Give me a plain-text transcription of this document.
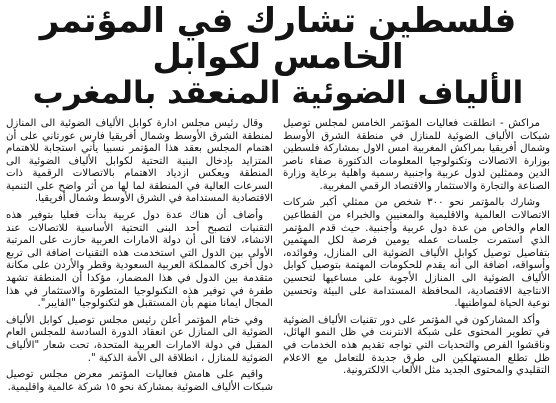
فلسطين تشارك في المؤتمر الخامس لكوابل
الألياف الضوئية المنعقد بالمغرب

مراكش - انطلقت فعاليات المؤتمر الخامس لمجلس توصيل شبكات الألياف الضوئية للمنازل في منطقة الشرق الأوسط وشمال أفريقيا بمراكش المغربية امس الاول بمشاركة فلسطين بوزارة الاتصالات وتكنولوجيا المعلومات الدكتورة صفاء ناصر الدين وممثلين لدول عربية واجنبية رسمية واهلية برعاية وزارة الصناعة والتجارة والاستثمار والاقتصاد الرقمي المغربية.

وشارك بالمؤتمر نحو ٣٠٠ شخص من ممثلي أكبر شركات الاتصالات العالمية والاقليمية والمعنيين والخبراء من القطاعين العام والخاص من عدة دول عربية وأجنبية. حيث قدم المؤتمر الذي استمرت جلسات عمله يومين فرصة لكل المهتمين بتفاصيل توصيل كوابل الألياف الضوئية الى المنازل، وفوائده، وأسواقه، اضافة الى أنه يقدم للحكومات المهتمة بتوصيل كوابل الألياف الضوئية الى المنازل الأجوبة على مساعيها لتحسين الانتاجية الاقتصادية، المحافظة المستدامة على البيئة وتحسين نوعية الحياة لمواطنيها.

وأكد المشاركون في المؤتمر على دور تقنيات الألياف الضوئية في تطوير المحتوى على شبكة الانترنت في ظل النمو الهائل، وناقشوا الفرص والتحديات التي تواجه تقديم هذه الخدمات في ظل تطلع المستهلكين الى طرق جديدة للتعامل مع الاعلام التقليدي والمحتوى الجديد مثل الألعاب الالكترونية.

وقال رئيس مجلس ادارة كوابل الألياف الضوئية الى المنازل لمنطقة الشرق الأوسط وشمال أفريقيا فارس عورتاني على أن اهتمام المجلس بعقد هذا المؤتمر نسبيا يأتي استجابة للاهتمام المتزايد بإدخال البنية التحتية لكوابل الألياف الضوئية الى المنطقة ويعكس ازدياد الاهتمام بالاتصالات الرقمية ذات السرعات العالية في المنطقة لما لها من أثر واضح على التنمية الاقتصادية المستدامة في الشرق الأوسط وشمال أفريقيا.

وأضاف أن هناك عدة دول عربية بدأت فعليا بتوفير هذه التقنيات لتصبح أحد البنى التحتية الأساسية للاتصالات عند الانشاء، لافتا الى أن دولة الامارات العربية حازت على المرتبة الأولى بين الدول التي استخدمت هذه التقنيات اضافة الى تربع دول أخرى كالمملكة العربية السعودية وقطر والأردن على مكانة متقدمة بين الدول في هذا المضمار، مؤكدا أن المنطقة تشهد طفرة في توفير هذه التكنولوجيا المتطورة والاستثمار في هذا المجال ايمانا منهم بأن المستقبل هو لتكنولوجيا "الفايبر".

وفي ختام المؤتمر أعلن رئيس مجلس توصيل كوابل الألياف الضوئية الى المنازل عن انعقاد الدورة السادسة للمجلس العام المقبل في دولة الامارات العربية المتحدة، تحت شعار "الألياف الضوئية للمنازل ، انطلاقة الى الأمة الذكية ".

واقيم على هامش فعاليات المؤتمر معرض مجلس توصيل شبكات الألياف الضوئية بمشاركة نحو ١٥ شركة عالمية واقليمية.
